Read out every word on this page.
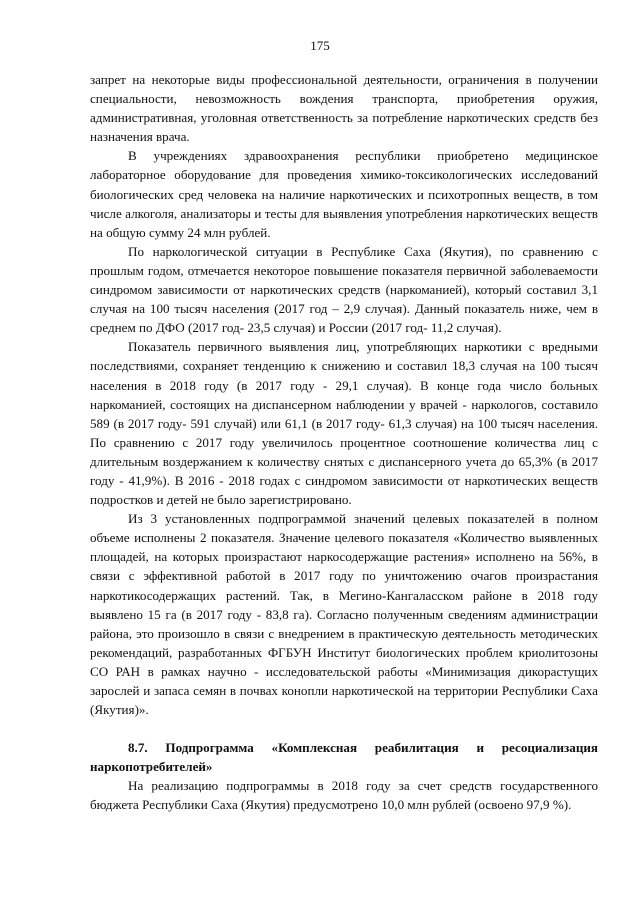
175

запрет на некоторые виды профессиональной деятельности, ограничения в получении специальности, невозможность вождения транспорта, приобретения оружия, административная, уголовная ответственность за потребление наркотических средств без назначения врача.

В учреждениях здравоохранения республики приобретено медицинское лабораторное оборудование для проведения химико-токсикологических исследований биологических сред человека на наличие наркотических и психотропных веществ, в том числе алкоголя, анализаторы и тесты для выявления употребления наркотических веществ на общую сумму 24 млн рублей.

По наркологической ситуации в Республике Саха (Якутия), по сравнению с прошлым годом, отмечается некоторое повышение показателя первичной заболеваемости синдромом зависимости от наркотических средств (наркоманией), который составил 3,1 случая на 100 тысяч населения (2017 год – 2,9 случая). Данный показатель ниже, чем в среднем по ДФО (2017 год- 23,5 случая) и России (2017 год- 11,2 случая).

Показатель первичного выявления лиц, употребляющих наркотики с вредными последствиями, сохраняет тенденцию к снижению и составил 18,3 случая на 100 тысяч населения в 2018 году (в 2017 году - 29,1 случая). В конце года число больных наркоманией, состоящих на диспансерном наблюдении у врачей - наркологов, составило 589 (в 2017 году- 591 случай) или 61,1 (в 2017 году- 61,3 случая) на 100 тысяч населения. По сравнению с 2017 году увеличилось процентное соотношение количества лиц с длительным воздержанием к количеству снятых с диспансерного учета до 65,3% (в 2017 году - 41,9%). В 2016 - 2018 годах с синдромом зависимости от наркотических веществ подростков и детей не было зарегистрировано.

Из 3 установленных подпрограммой значений целевых показателей в полном объеме исполнены 2 показателя. Значение целевого показателя «Количество выявленных площадей, на которых произрастают наркосодержащие растения» исполнено на 56%, в связи с эффективной работой в 2017 году по уничтожению очагов произрастания наркотикосодержащих растений. Так, в Мегино-Кангаласском районе в 2018 году выявлено 15 га (в 2017 году - 83,8 га). Согласно полученным сведениям администрации района, это произошло в связи с внедрением в практическую деятельность методических рекомендаций, разработанных ФГБУН Институт биологических проблем криолитозоны СО РАН в рамках научно - исследовательской работы «Минимизация дикорастущих зарослей и запаса семян в почвах конопли наркотической на территории Республики Саха (Якутия)».

8.7. Подпрограмма «Комплексная реабилитация и ресоциализация наркопотребителей»

На реализацию подпрограммы в 2018 году за счет средств государственного бюджета Республики Саха (Якутия) предусмотрено 10,0 млн рублей (освоено 97,9 %).
